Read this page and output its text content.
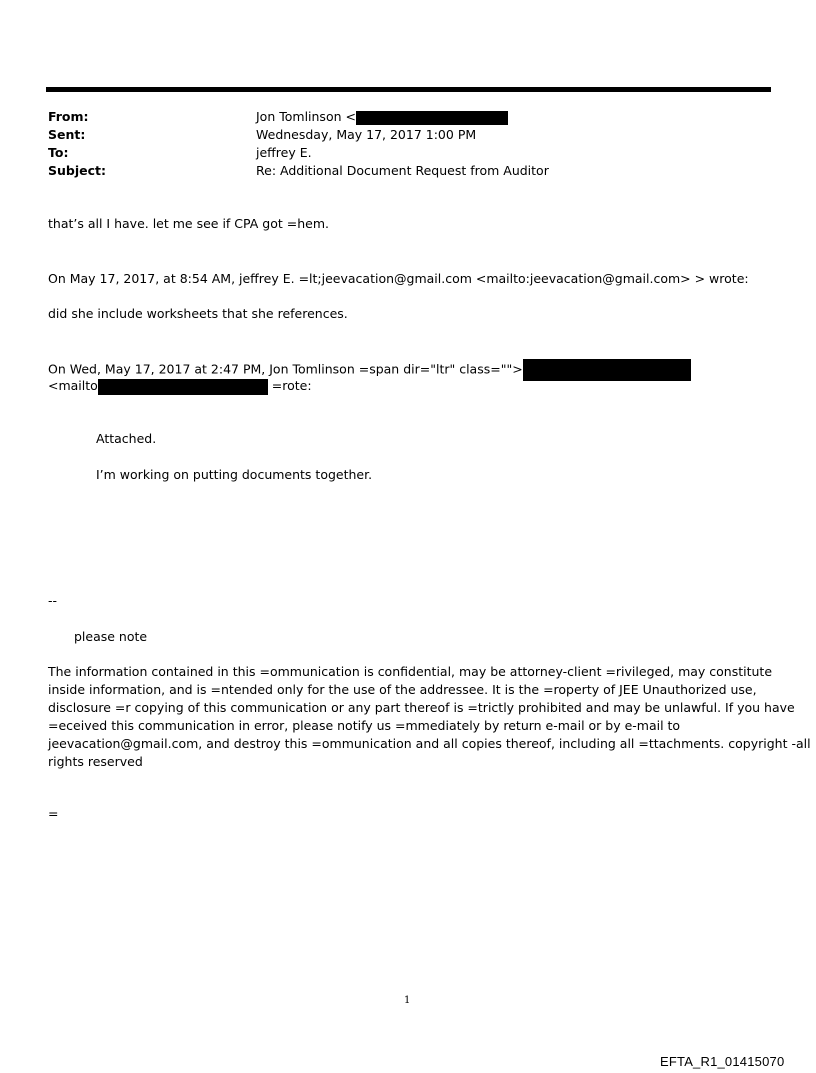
From:	Jon Tomlinson <
Sent:	Wednesday, May 17, 2017 1:00 PM
To:	jeffrey E.
Subject:	Re: Additional Document Request from Auditor
that’s all I have. let me see if CPA got =hem.
On May 17, 2017, at 8:54 AM, jeffrey E. =lt;jeevacation@gmail.com <mailto:jeevacation@gmail.com> > wrote:
did she include worksheets that she references.
On Wed, May 17, 2017 at 2:47 PM, Jon Tomlinson =span dir="ltr" class="">
<mailto	=rote:
Attached.
I’m working on putting documents together.
--
please note
The information contained in this =ommunication is confidential, may be attorney-client =rivileged, may constitute
inside information, and is =ntended only for the use of the addressee. It is the =roperty of JEE Unauthorized use,
disclosure =r copying of this communication or any part thereof is =trictly prohibited and may be unlawful. If you have
=eceived this communication in error, please notify us =mmediately by return e-mail or by e-mail to
jeevacation@gmail.com, and destroy this =ommunication and all copies thereof, including all =ttachments. copyright -all
rights reserved
=
1
EFTA_R1_01415070
